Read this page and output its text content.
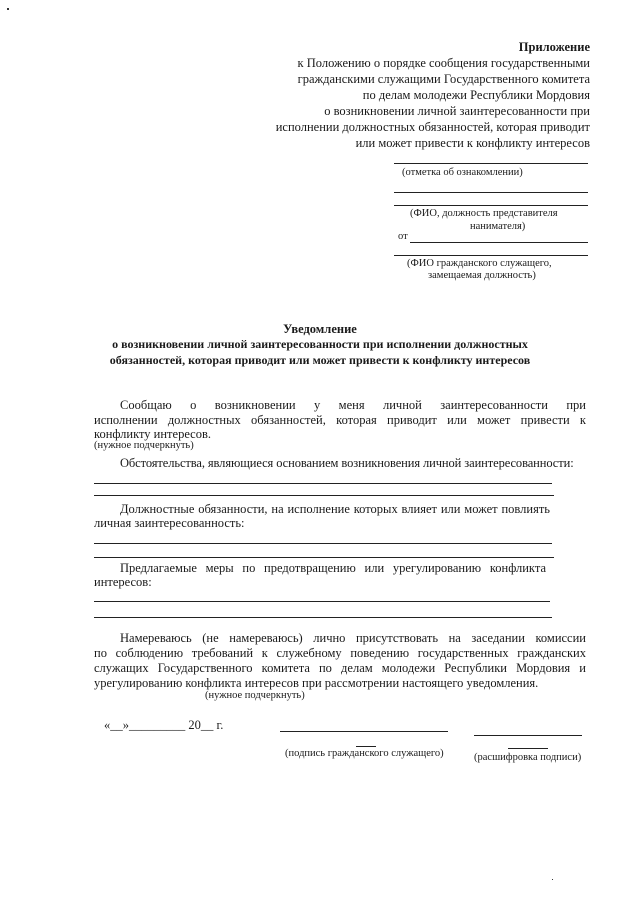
Приложение
к Положению о порядке сообщения государственными
гражданскими служащими Государственного комитета
по делам молодежи Республики Мордовия
о возникновении личной заинтересованности при
исполнении должностных обязанностей, которая приводит
или может привести к конфликту интересов
(отметка об ознакомлении)
(ФИО, должность представителя
нанимателя)
от
(ФИО гражданского служащего,
замещаемая должность)
Уведомление
о возникновении личной заинтересованности при исполнении должностных
обязанностей, которая приводит или может привести к конфликту интересов
Сообщаю о возникновении у меня личной заинтересованности при
исполнении должностных обязанностей, которая приводит или может привести к
конфликту интересов.
(нужное подчеркнуть)
Обстоятельства, являющиеся основанием возникновения личной заинтересованности:
Должностные обязанности, на исполнение которых влияет или может повлиять
личная заинтересованность:
Предлагаемые меры по предотвращению или урегулированию конфликта
интересов:
Намереваюсь (не намереваюсь) лично присутствовать на заседании комиссии
по соблюдению требований к служебному поведению государственных гражданских
служащих Государственного комитета по делам молодежи Республики Мордовия и
урегулированию конфликта интересов при рассмотрении настоящего уведомления.
(нужное подчеркнуть)
«__»_________ 20__ г.
(подпись гражданского служащего)	(расшифровка подписи)
